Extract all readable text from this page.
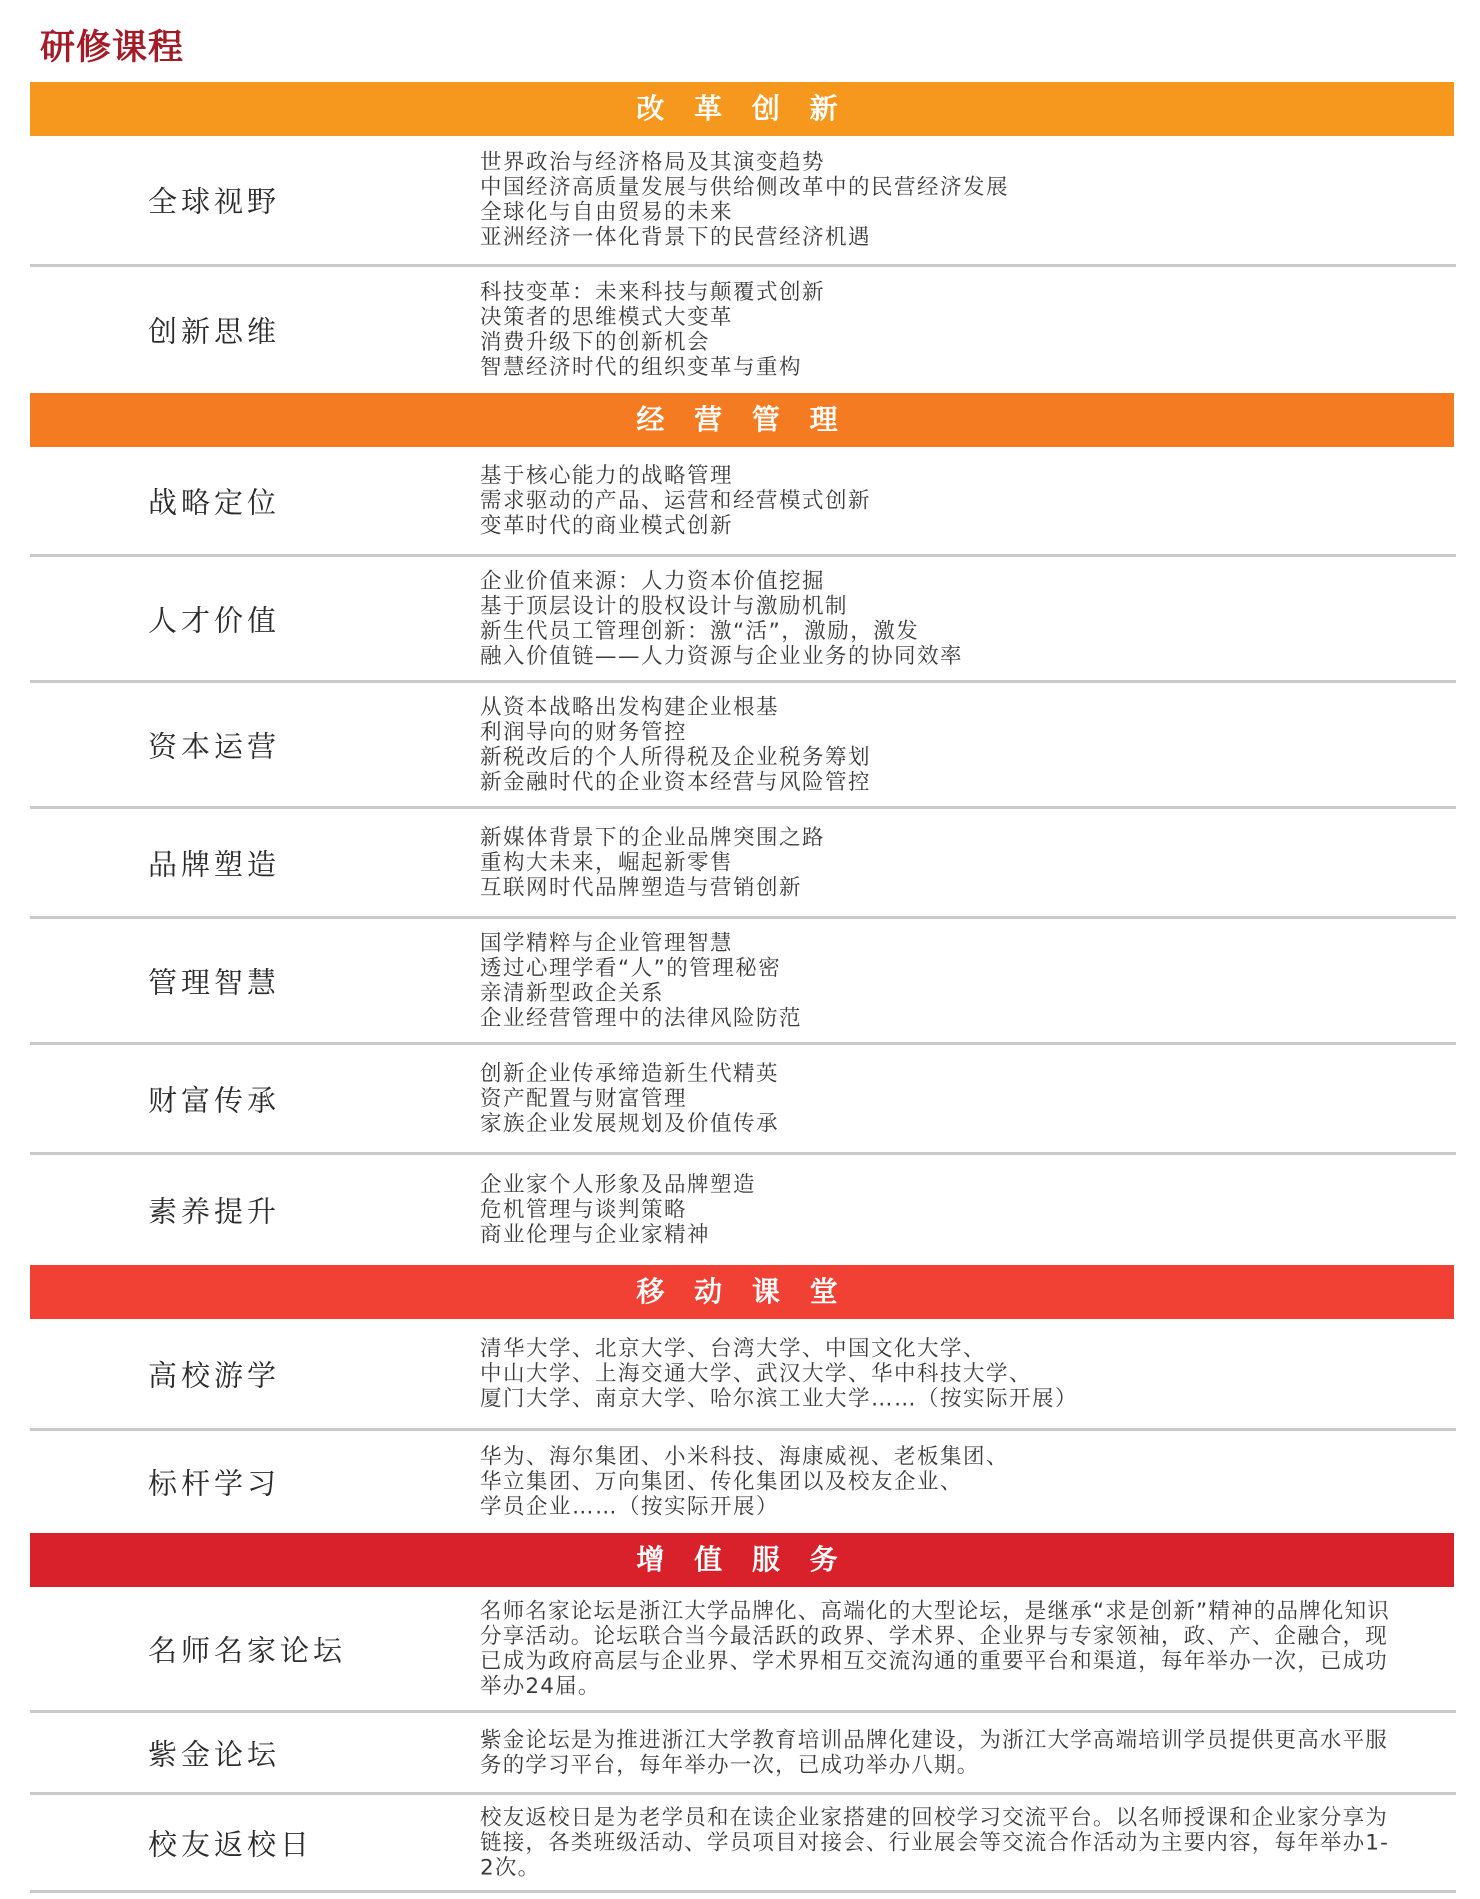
研修课程
改 革 创 新
全球视野
世界政治与经济格局及其演变趋势
中国经济高质量发展与供给侧改革中的民营经济发展
全球化与自由贸易的未来
亚洲经济一体化背景下的民营经济机遇
创新思维
科技变革：未来科技与颠覆式创新
决策者的思维模式大变革
消费升级下的创新机会
智慧经济时代的组织变革与重构
经 营 管 理
战略定位
基于核心能力的战略管理
需求驱动的产品、运营和经营模式创新
变革时代的商业模式创新
人才价值
企业价值来源：人力资本价值挖掘
基于顶层设计的股权设计与激励机制
新生代员工管理创新：激“活”，激励，激发
融入价值链——人力资源与企业业务的协同效率
资本运营
从资本战略出发构建企业根基
利润导向的财务管控
新税改后的个人所得税及企业税务筹划
新金融时代的企业资本经营与风险管控
品牌塑造
新媒体背景下的企业品牌突围之路
重构大未来，崛起新零售
互联网时代品牌塑造与营销创新
管理智慧
国学精粹与企业管理智慧
透过心理学看“人”的管理秘密
亲清新型政企关系
企业经营管理中的法律风险防范
财富传承
创新企业传承缔造新生代精英
资产配置与财富管理
家族企业发展规划及价值传承
素养提升
企业家个人形象及品牌塑造
危机管理与谈判策略
商业伦理与企业家精神
移 动 课 堂
高校游学
清华大学、北京大学、台湾大学、中国文化大学、
中山大学、上海交通大学、武汉大学、华中科技大学、
厦门大学、南京大学、哈尔滨工业大学……（按实际开展）
标杆学习
华为、海尔集团、小米科技、海康威视、老板集团、
华立集团、万向集团、传化集团以及校友企业、
学员企业……（按实际开展）
增 值 服 务
名师名家论坛
名师名家论坛是浙江大学品牌化、高端化的大型论坛，是继承“求是创新”精神的品牌化知识分享活动。论坛联合当今最活跃的政界、学术界、企业界与专家领袖，政、产、企融合，现已成为政府高层与企业界、学术界相互交流沟通的重要平台和渠道，每年举办一次，已成功举办24届。
紫金论坛	紫金论坛是为推进浙江大学教育培训品牌化建设，为浙江大学高端培训学员提供更高水平服务的学习平台，每年举办一次，已成功举办八期。
校友返校日
校友返校日是为老学员和在读企业家搭建的回校学习交流平台。以名师授课和企业家分享为链接，各类班级活动、学员项目对接会、行业展会等交流合作活动为主要内容，每年举办1-2次。
